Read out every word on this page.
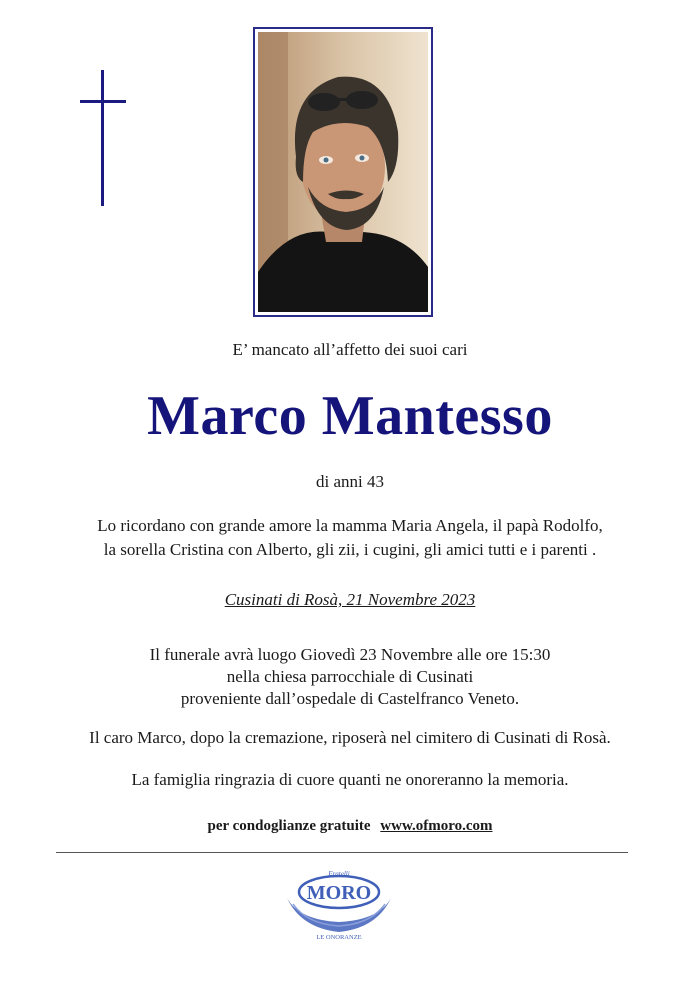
E’ mancato all’affetto dei suoi cari
Marco Mantesso
di anni 43
Lo ricordano con grande amore la mamma Maria Angela, il papà Rodolfo,
la sorella Cristina con Alberto, gli zii, i cugini, gli amici tutti e i parenti .
Cusinati di Rosà, 21 Novembre 2023
Il funerale avrà luogo Giovedì 23 Novembre alle ore 15:30
nella chiesa parrocchiale di Cusinati
proveniente dall’ospedale di Castelfranco Veneto.
Il caro Marco, dopo la cremazione, riposerà nel cimitero di Cusinati di Rosà.
La famiglia ringrazia di cuore quanti ne onoreranno la memoria.
per condoglianze gratuite www.ofmoro.com
Fratelli
MORO
LE ONORANZE
